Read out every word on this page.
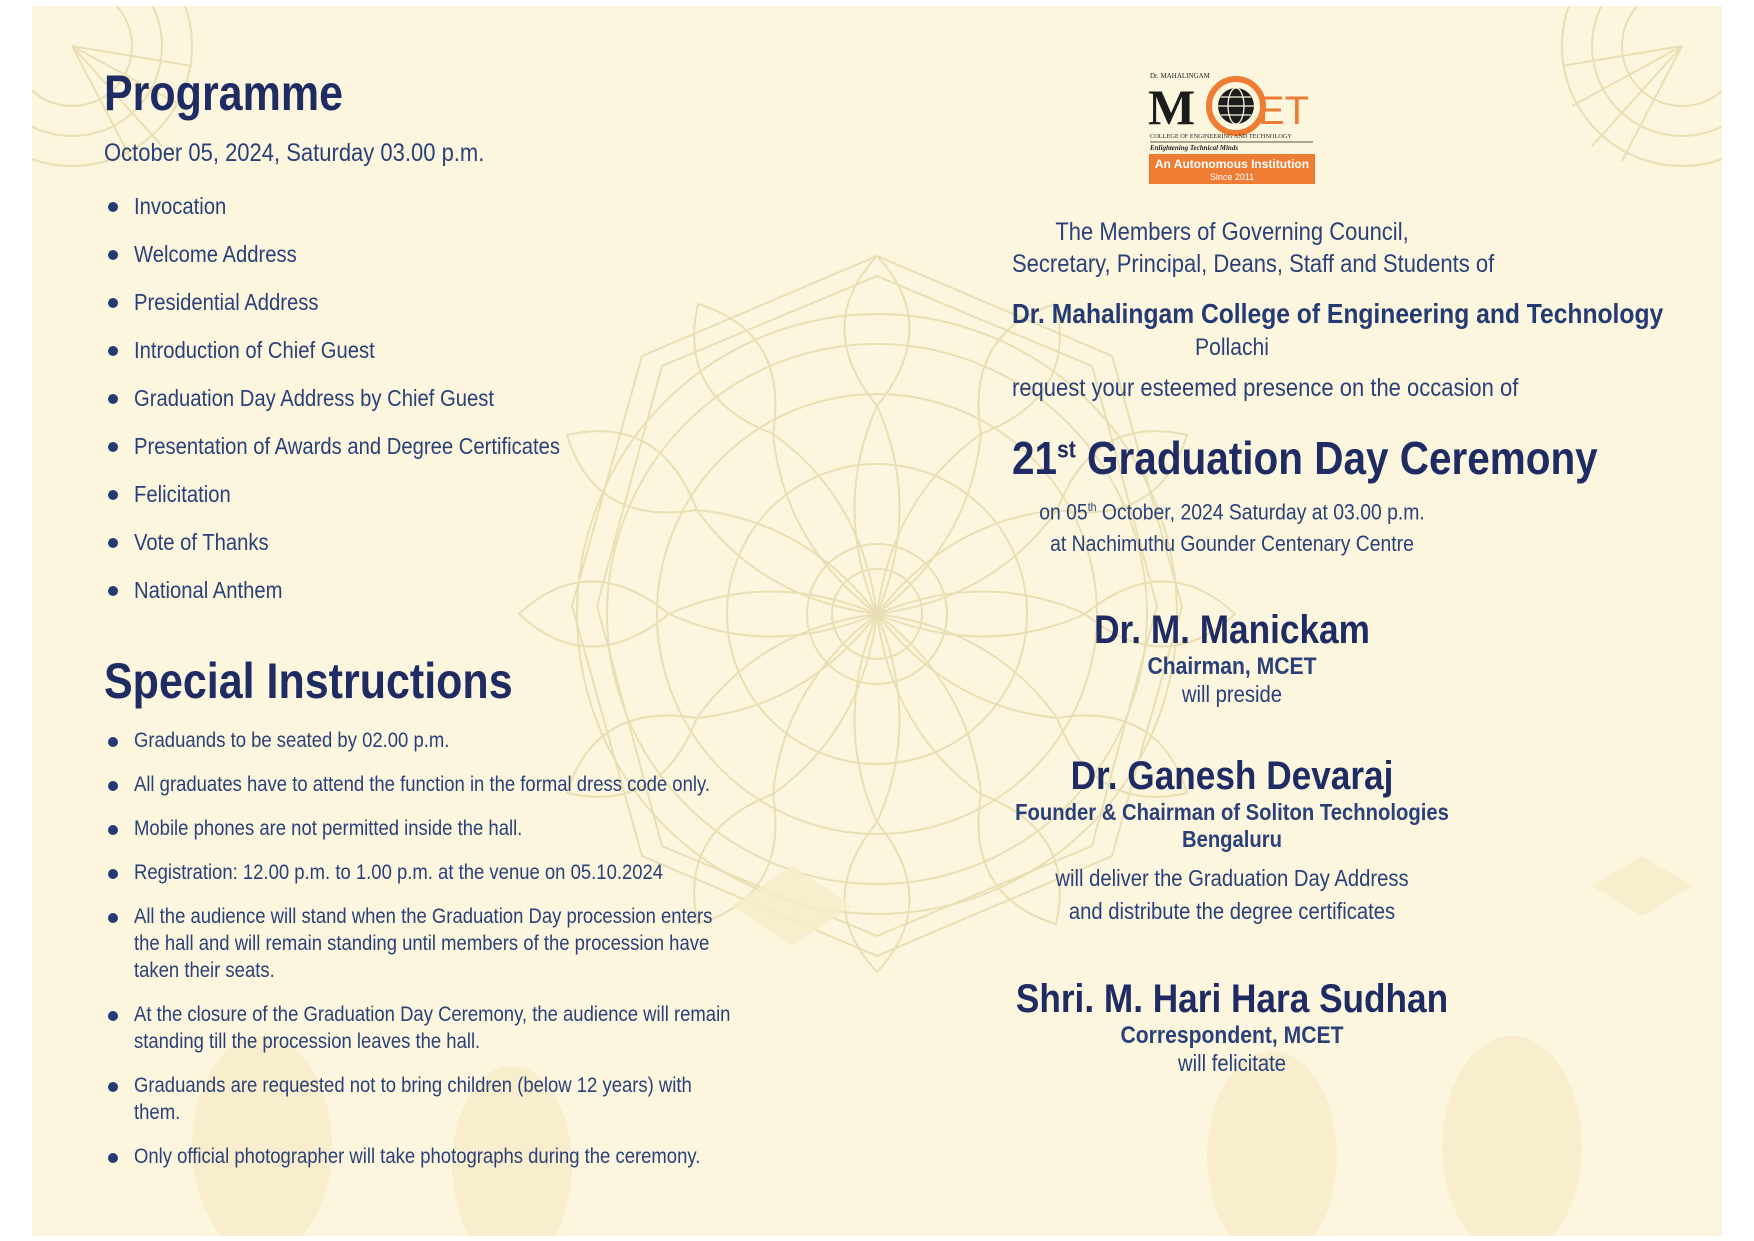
Programme
October 05, 2024, Saturday 03.00 p.m.
Invocation
Welcome Address
Presidential Address
Introduction of Chief Guest
Graduation Day Address by Chief Guest
Presentation of Awards and Degree Certificates
Felicitation
Vote of Thanks
National Anthem
Special Instructions
Graduands to be seated by 02.00 p.m.
All graduates have to attend the function in the formal dress code only.
Mobile phones are not permitted inside the hall.
Registration: 12.00 p.m. to 1.00 p.m. at the venue on 05.10.2024
All the audience will stand when the Graduation Day procession enters the hall and will remain standing until members of the procession have taken their seats.
At the closure of the Graduation Day Ceremony, the audience will remain standing till the procession leaves the hall.
Graduands are requested not to bring children (below 12 years) with them.
Only official photographer will take photographs during the ceremony.
Dr. MAHALINGAM
M ET
COLLEGE OF ENGINEERING AND TECHNOLOGY
Enlightening Technical Minds
An Autonomous Institution
Since 2011
The Members of Governing Council,
Secretary, Principal, Deans, Staff and Students of
Dr. Mahalingam College of Engineering and Technology
Pollachi
request your esteemed presence on the occasion of
21st Graduation Day Ceremony
on 05th October, 2024 Saturday at 03.00 p.m.
at Nachimuthu Gounder Centenary Centre
Dr. M. Manickam
Chairman, MCET
will preside
Dr. Ganesh Devaraj
Founder & Chairman of Soliton Technologies
Bengaluru
will deliver the Graduation Day Address
and distribute the degree certificates
Shri. M. Hari Hara Sudhan
Correspondent, MCET
will felicitate
